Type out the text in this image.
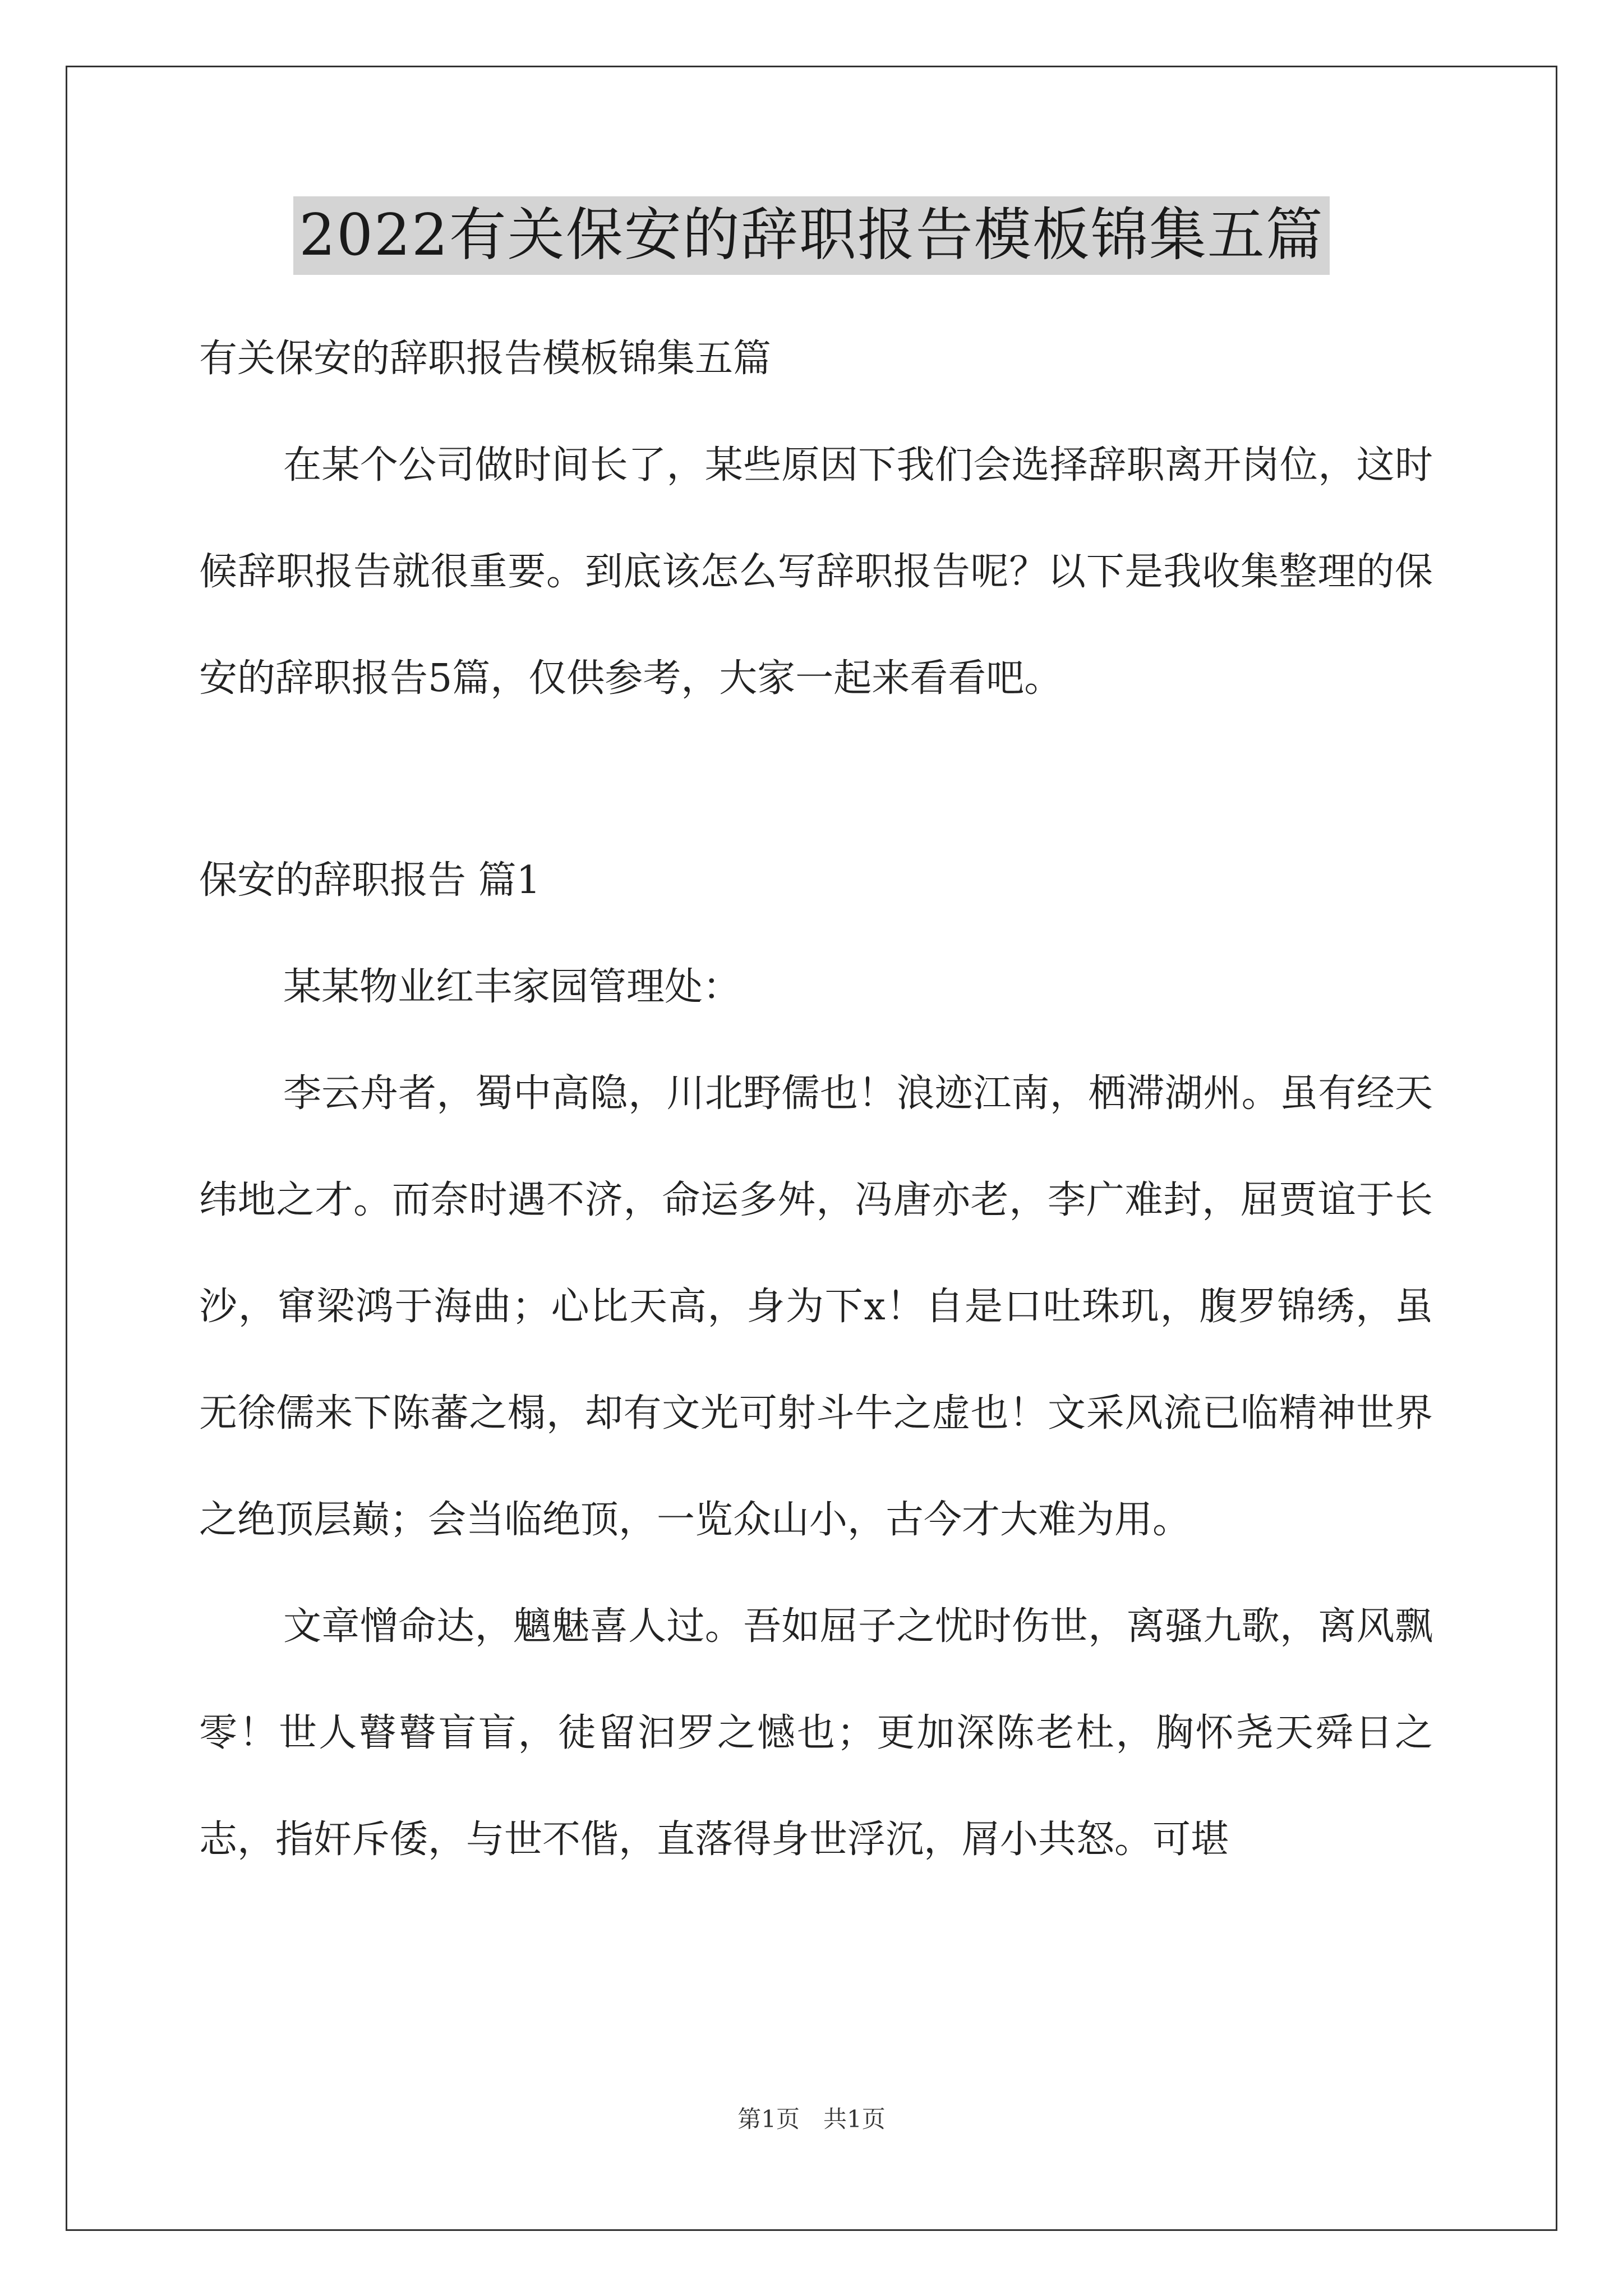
2022有关保安的辞职报告模板锦集五篇

有关保安的辞职报告模板锦集五篇

在某个公司做时间长了，某些原因下我们会选择辞职离开岗位，这时候辞职报告就很重要。到底该怎么写辞职报告呢？以下是我收集整理的保安的辞职报告5篇，仅供参考，大家一起来看看吧。

保安的辞职报告 篇1

某某物业红丰家园管理处：

李云舟者，蜀中高隐，川北野儒也！浪迹江南，栖滞湖州。虽有经天纬地之才。而奈时遇不济，命运多舛，冯唐亦老，李广难封，屈贾谊于长沙，窜梁鸿于海曲；心比天高，身为下x！自是口吐珠玑，腹罗锦绣，虽无徐儒来下陈蕃之榻，却有文光可射斗牛之虚也！文采风流已临精神世界之绝顶层巅；会当临绝顶，一览众山小，古今才大难为用。

文章憎命达，魑魅喜人过。吾如屈子之忧时伤世，离骚九歌，离风飘零！世人瞽瞽盲盲，徒留汩罗之憾也；更加深陈老杜，胸怀尧天舜日之志，指奸斥倭，与世不偕，直落得身世浮沉，屑小共怒。可堪

第1页　共1页
